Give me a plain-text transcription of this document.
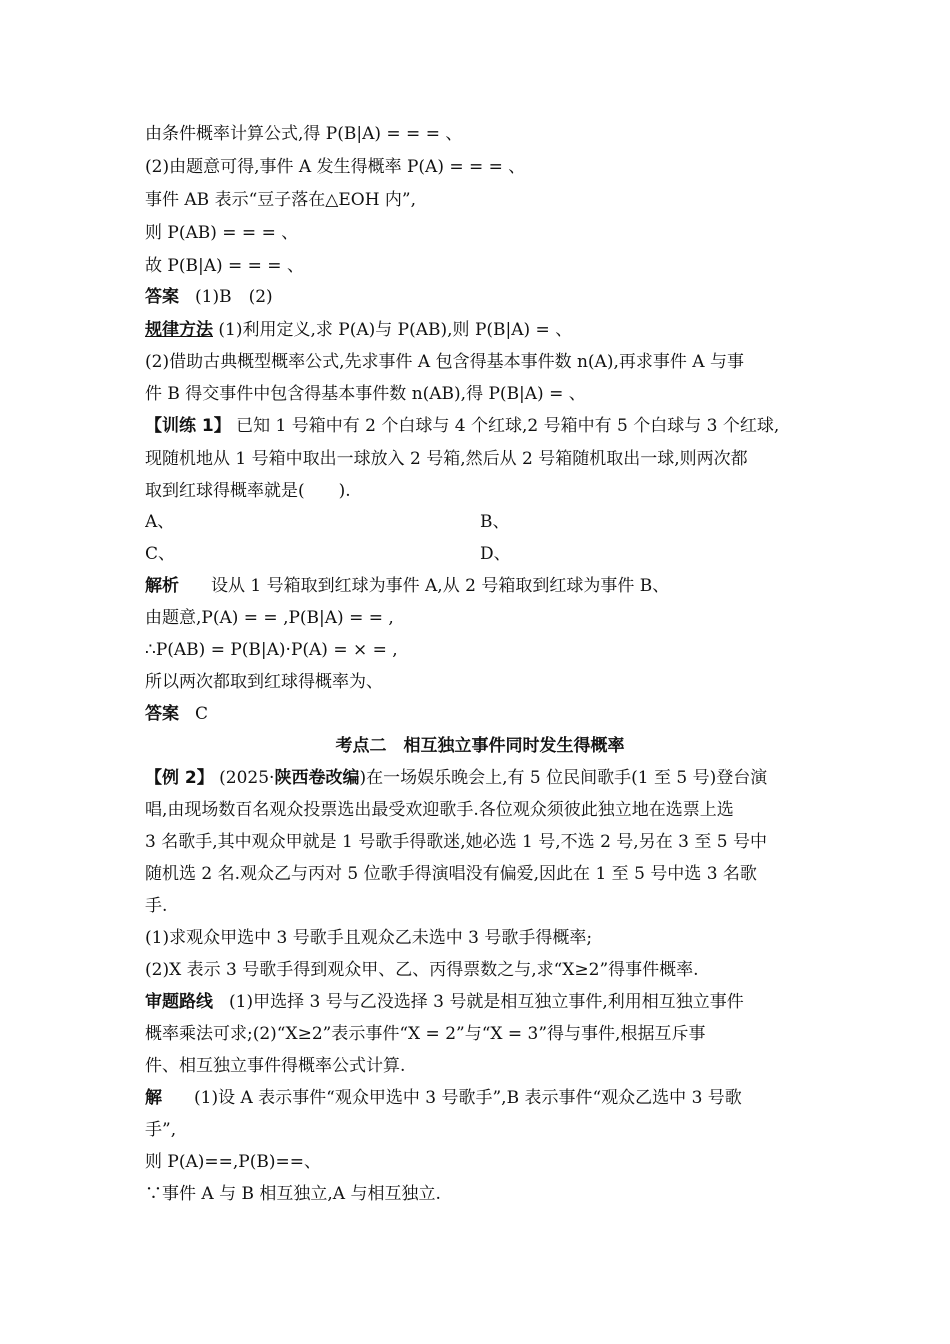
由条件概率计算公式,得 P(B|A) = = = 、
(2)由题意可得,事件 A 发生得概率 P(A) = = = 、
事件 AB 表示“豆子落在△EOH 内”,
则 P(AB) = = = 、
故 P(B|A) = = = 、
答案 (1)B　(2)
规律方法 (1)利用定义,求 P(A)与 P(AB),则 P(B|A) = 、
(2)借助古典概型概率公式,先求事件 A 包含得基本事件数 n(A),再求事件 A 与事
件 B 得交事件中包含得基本事件数 n(AB),得 P(B|A) = 、
【训练 1】 已知 1 号箱中有 2 个白球与 4 个红球,2 号箱中有 5 个白球与 3 个红球,
现随机地从 1 号箱中取出一球放入 2 号箱,然后从 2 号箱随机取出一球,则两次都
取到红球得概率就是(　　).
A、	B、
C、	D、
解析 设从 1 号箱取到红球为事件 A,从 2 号箱取到红球为事件 B、
由题意,P(A) = = ,P(B|A) = = ,
∴P(AB) = P(B|A)·P(A) = × = ,
所以两次都取到红球得概率为、
答案 C
考点二　相互独立事件同时发生得概率
【例 2】 (2025·陕西卷改编)在一场娱乐晚会上,有 5 位民间歌手(1 至 5 号)登台演
唱,由现场数百名观众投票选出最受欢迎歌手.各位观众须彼此独立地在选票上选
3 名歌手,其中观众甲就是 1 号歌手得歌迷,她必选 1 号,不选 2 号,另在 3 至 5 号中
随机选 2 名.观众乙与丙对 5 位歌手得演唱没有偏爱,因此在 1 至 5 号中选 3 名歌
手.
(1)求观众甲选中 3 号歌手且观众乙未选中 3 号歌手得概率;
(2)X 表示 3 号歌手得到观众甲、乙、丙得票数之与,求“X≥2”得事件概率.
审题路线 (1)甲选择 3 号与乙没选择 3 号就是相互独立事件,利用相互独立事件
概率乘法可求;(2)“X≥2”表示事件“X = 2”与“X = 3”得与事件,根据互斥事
件、相互独立事件得概率公式计算.
解 (1)设 A 表示事件“观众甲选中 3 号歌手”,B 表示事件“观众乙选中 3 号歌
手”,
则 P(A)==,P(B)==、
∵事件 A 与 B 相互独立,A 与相互独立.
